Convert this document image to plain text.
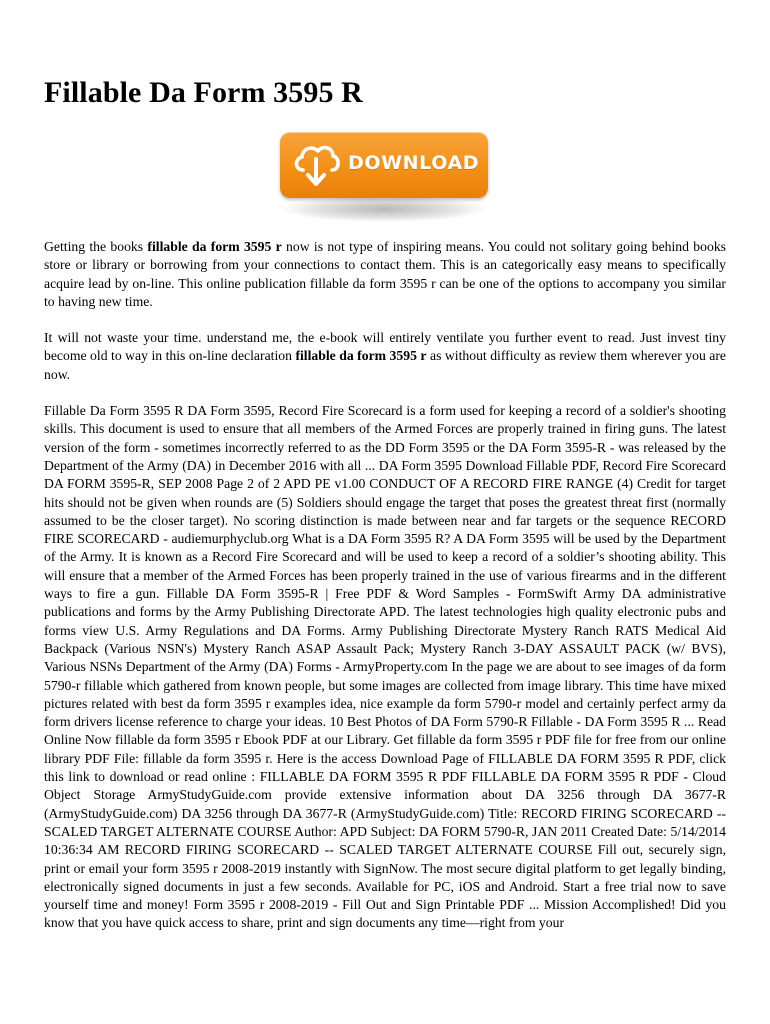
Fillable Da Form 3595 R
DOWNLOAD

Getting the books fillable da form 3595 r now is not type of inspiring means. You could not solitary going behind books store or library or borrowing from your connections to contact them. This is an categorically easy means to specifically acquire lead by on-line. This online publication fillable da form 3595 r can be one of the options to accompany you similar to having new time.

It will not waste your time. understand me, the e-book will entirely ventilate you further event to read. Just invest tiny become old to way in this on-line declaration fillable da form 3595 r as without difficulty as review them wherever you are now.

Fillable Da Form 3595 R DA Form 3595, Record Fire Scorecard is a form used for keeping a record of a soldier's shooting skills. This document is used to ensure that all members of the Armed Forces are properly trained in firing guns. The latest version of the form - sometimes incorrectly referred to as the DD Form 3595 or the DA Form 3595-R - was released by the Department of the Army (DA) in December 2016 with all ... DA Form 3595 Download Fillable PDF, Record Fire Scorecard DA FORM 3595-R, SEP 2008 Page 2 of 2 APD PE v1.00 CONDUCT OF A RECORD FIRE RANGE (4) Credit for target hits should not be given when rounds are (5) Soldiers should engage the target that poses the greatest threat first (normally assumed to be the closer target). No scoring distinction is made between near and far targets or the sequence RECORD FIRE SCORECARD - audiemurphyclub.org What is a DA Form 3595 R? A DA Form 3595 will be used by the Department of the Army. It is known as a Record Fire Scorecard and will be used to keep a record of a soldier’s shooting ability. This will ensure that a member of the Armed Forces has been properly trained in the use of various firearms and in the different ways to fire a gun. Fillable DA Form 3595-R | Free PDF & Word Samples - FormSwift Army DA administrative publications and forms by the Army Publishing Directorate APD. The latest technologies high quality electronic pubs and forms view U.S. Army Regulations and DA Forms. Army Publishing Directorate Mystery Ranch RATS Medical Aid Backpack (Various NSN's) Mystery Ranch ASAP Assault Pack; Mystery Ranch 3-DAY ASSAULT PACK (w/ BVS), Various NSNs Department of the Army (DA) Forms - ArmyProperty.com In the page we are about to see images of da form 5790-r fillable which gathered from known people, but some images are collected from image library. This time have mixed pictures related with best da form 3595 r examples idea, nice example da form 5790-r model and certainly perfect army da form drivers license reference to charge your ideas. 10 Best Photos of DA Form 5790-R Fillable - DA Form 3595 R ... Read Online Now fillable da form 3595 r Ebook PDF at our Library. Get fillable da form 3595 r PDF file for free from our online library PDF File: fillable da form 3595 r. Here is the access Download Page of FILLABLE DA FORM 3595 R PDF, click this link to download or read online : FILLABLE DA FORM 3595 R PDF FILLABLE DA FORM 3595 R PDF - Cloud Object Storage ArmyStudyGuide.com provide extensive information about DA 3256 through DA 3677-R (ArmyStudyGuide.com) DA 3256 through DA 3677-R (ArmyStudyGuide.com) Title: RECORD FIRING SCORECARD -- SCALED TARGET ALTERNATE COURSE Author: APD Subject: DA FORM 5790-R, JAN 2011 Created Date: 5/14/2014 10:36:34 AM RECORD FIRING SCORECARD -- SCALED TARGET ALTERNATE COURSE Fill out, securely sign, print or email your form 3595 r 2008-2019 instantly with SignNow. The most secure digital platform to get legally binding, electronically signed documents in just a few seconds. Available for PC, iOS and Android. Start a free trial now to save yourself time and money! Form 3595 r 2008-2019 - Fill Out and Sign Printable PDF ... Mission Accomplished! Did you know that you have quick access to share, print and sign documents any time—right from your
